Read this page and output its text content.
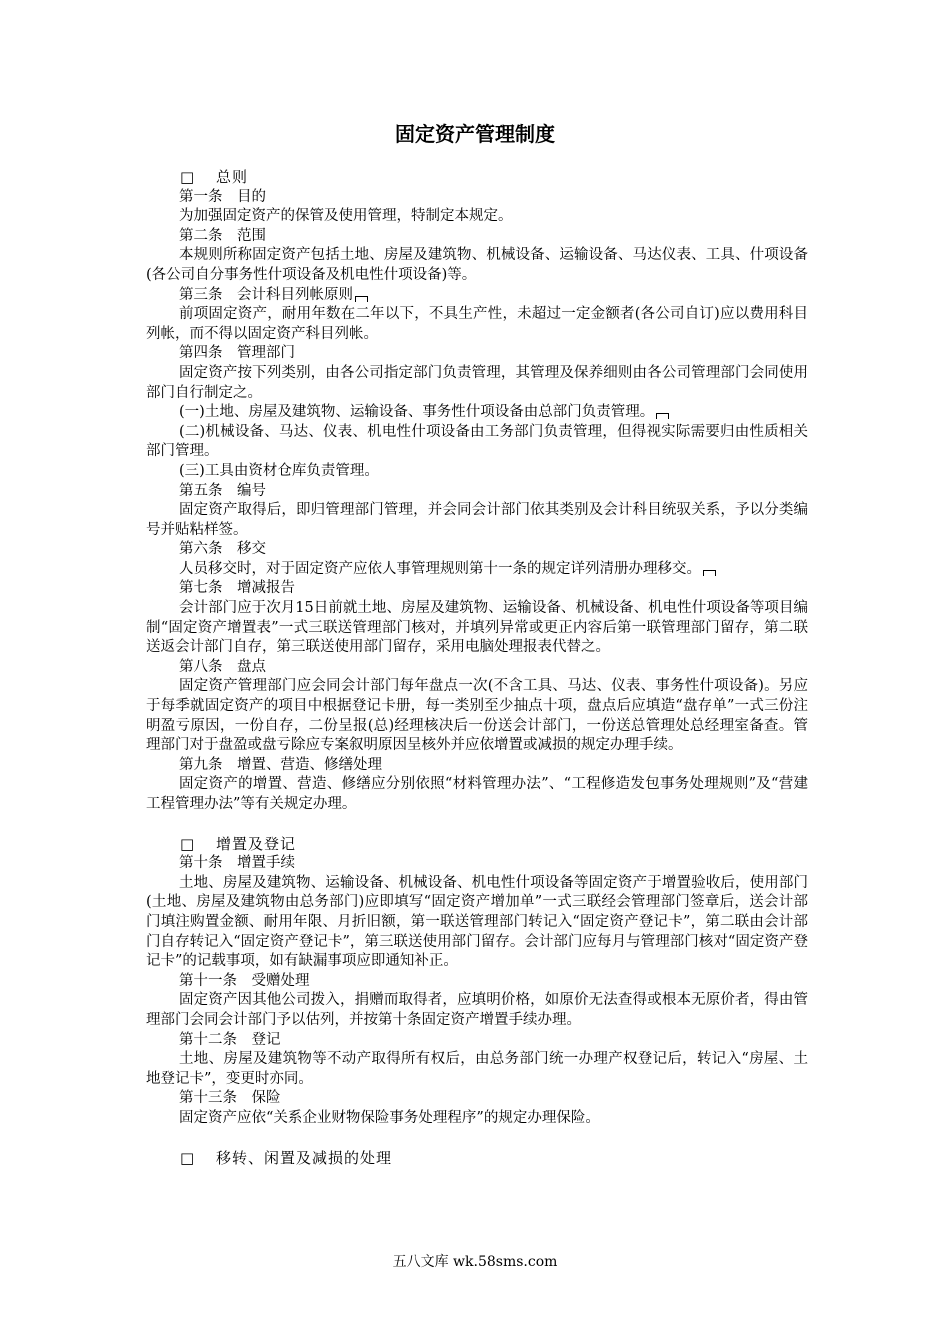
固定资产管理制度
□ 总则
第一条　目的
为加强固定资产的保管及使用管理，特制定本规定。
第二条　范围
本规则所称固定资产包括土地、房屋及建筑物、机械设备、运输设备、马达仪表、工具、什项设备(各公司自分事务性什项设备及机电性什项设备)等。
第三条　会计科目列帐原则
前项固定资产，耐用年数在二年以下，不具生产性，未超过一定金额者(各公司自订)应以费用科目列帐，而不得以固定资产科目列帐。
第四条　管理部门
固定资产按下列类别，由各公司指定部门负责管理，其管理及保养细则由各公司管理部门会同使用部门自行制定之。
(一)土地、房屋及建筑物、运输设备、事务性什项设备由总部门负责管理。
(二)机械设备、马达、仪表、机电性什项设备由工务部门负责管理，但得视实际需要归由性质相关部门管理。
(三)工具由资材仓库负责管理。
第五条　编号
固定资产取得后，即归管理部门管理，并会同会计部门依其类别及会计科目统驭关系，予以分类编号并贴粘样签。
第六条　移交
人员移交时，对于固定资产应依人事管理规则第十一条的规定详列清册办理移交。
第七条　增减报告
会计部门应于次月15日前就土地、房屋及建筑物、运输设备、机械设备、机电性什项设备等项目编制“固定资产增置表”一式三联送管理部门核对，并填列异常或更正内容后第一联管理部门留存，第二联送返会计部门自存，第三联送使用部门留存，采用电脑处理报表代替之。
第八条　盘点
固定资产管理部门应会同会计部门每年盘点一次(不含工具、马达、仪表、事务性什项设备)。另应于每季就固定资产的项目中根据登记卡册，每一类别至少抽点十项，盘点后应填造“盘存单”一式三份注明盈亏原因，一份自存，二份呈报(总)经理核决后一份送会计部门，一份送总管理处总经理室备查。管理部门对于盘盈或盘亏除应专案叙明原因呈核外并应依增置或减损的规定办理手续。
第九条　增置、营造、修缮处理
固定资产的增置、营造、修缮应分别依照“材料管理办法”、“工程修造发包事务处理规则”及“营建工程管理办法”等有关规定办理。
□ 增置及登记
第十条　增置手续
土地、房屋及建筑物、运输设备、机械设备、机电性什项设备等固定资产于增置验收后，使用部门(土地、房屋及建筑物由总务部门)应即填写“固定资产增加单”一式三联经会管理部门签章后，送会计部门填注购置金额、耐用年限、月折旧额，第一联送管理部门转记入“固定资产登记卡”，第二联由会计部门自存转记入“固定资产登记卡”，第三联送使用部门留存。会计部门应每月与管理部门核对“固定资产登记卡”的记载事项，如有缺漏事项应即通知补正。
第十一条　受赠处理
固定资产因其他公司拨入，捐赠而取得者，应填明价格，如原价无法查得或根本无原价者，得由管理部门会同会计部门予以估列，并按第十条固定资产增置手续办理。
第十二条　登记
土地、房屋及建筑物等不动产取得所有权后，由总务部门统一办理产权登记后，转记入“房屋、土地登记卡”，变更时亦同。
第十三条　保险
固定资产应依“关系企业财物保险事务处理程序”的规定办理保险。
□ 移转、闲置及减损的处理
五八文库 wk.58sms.com
